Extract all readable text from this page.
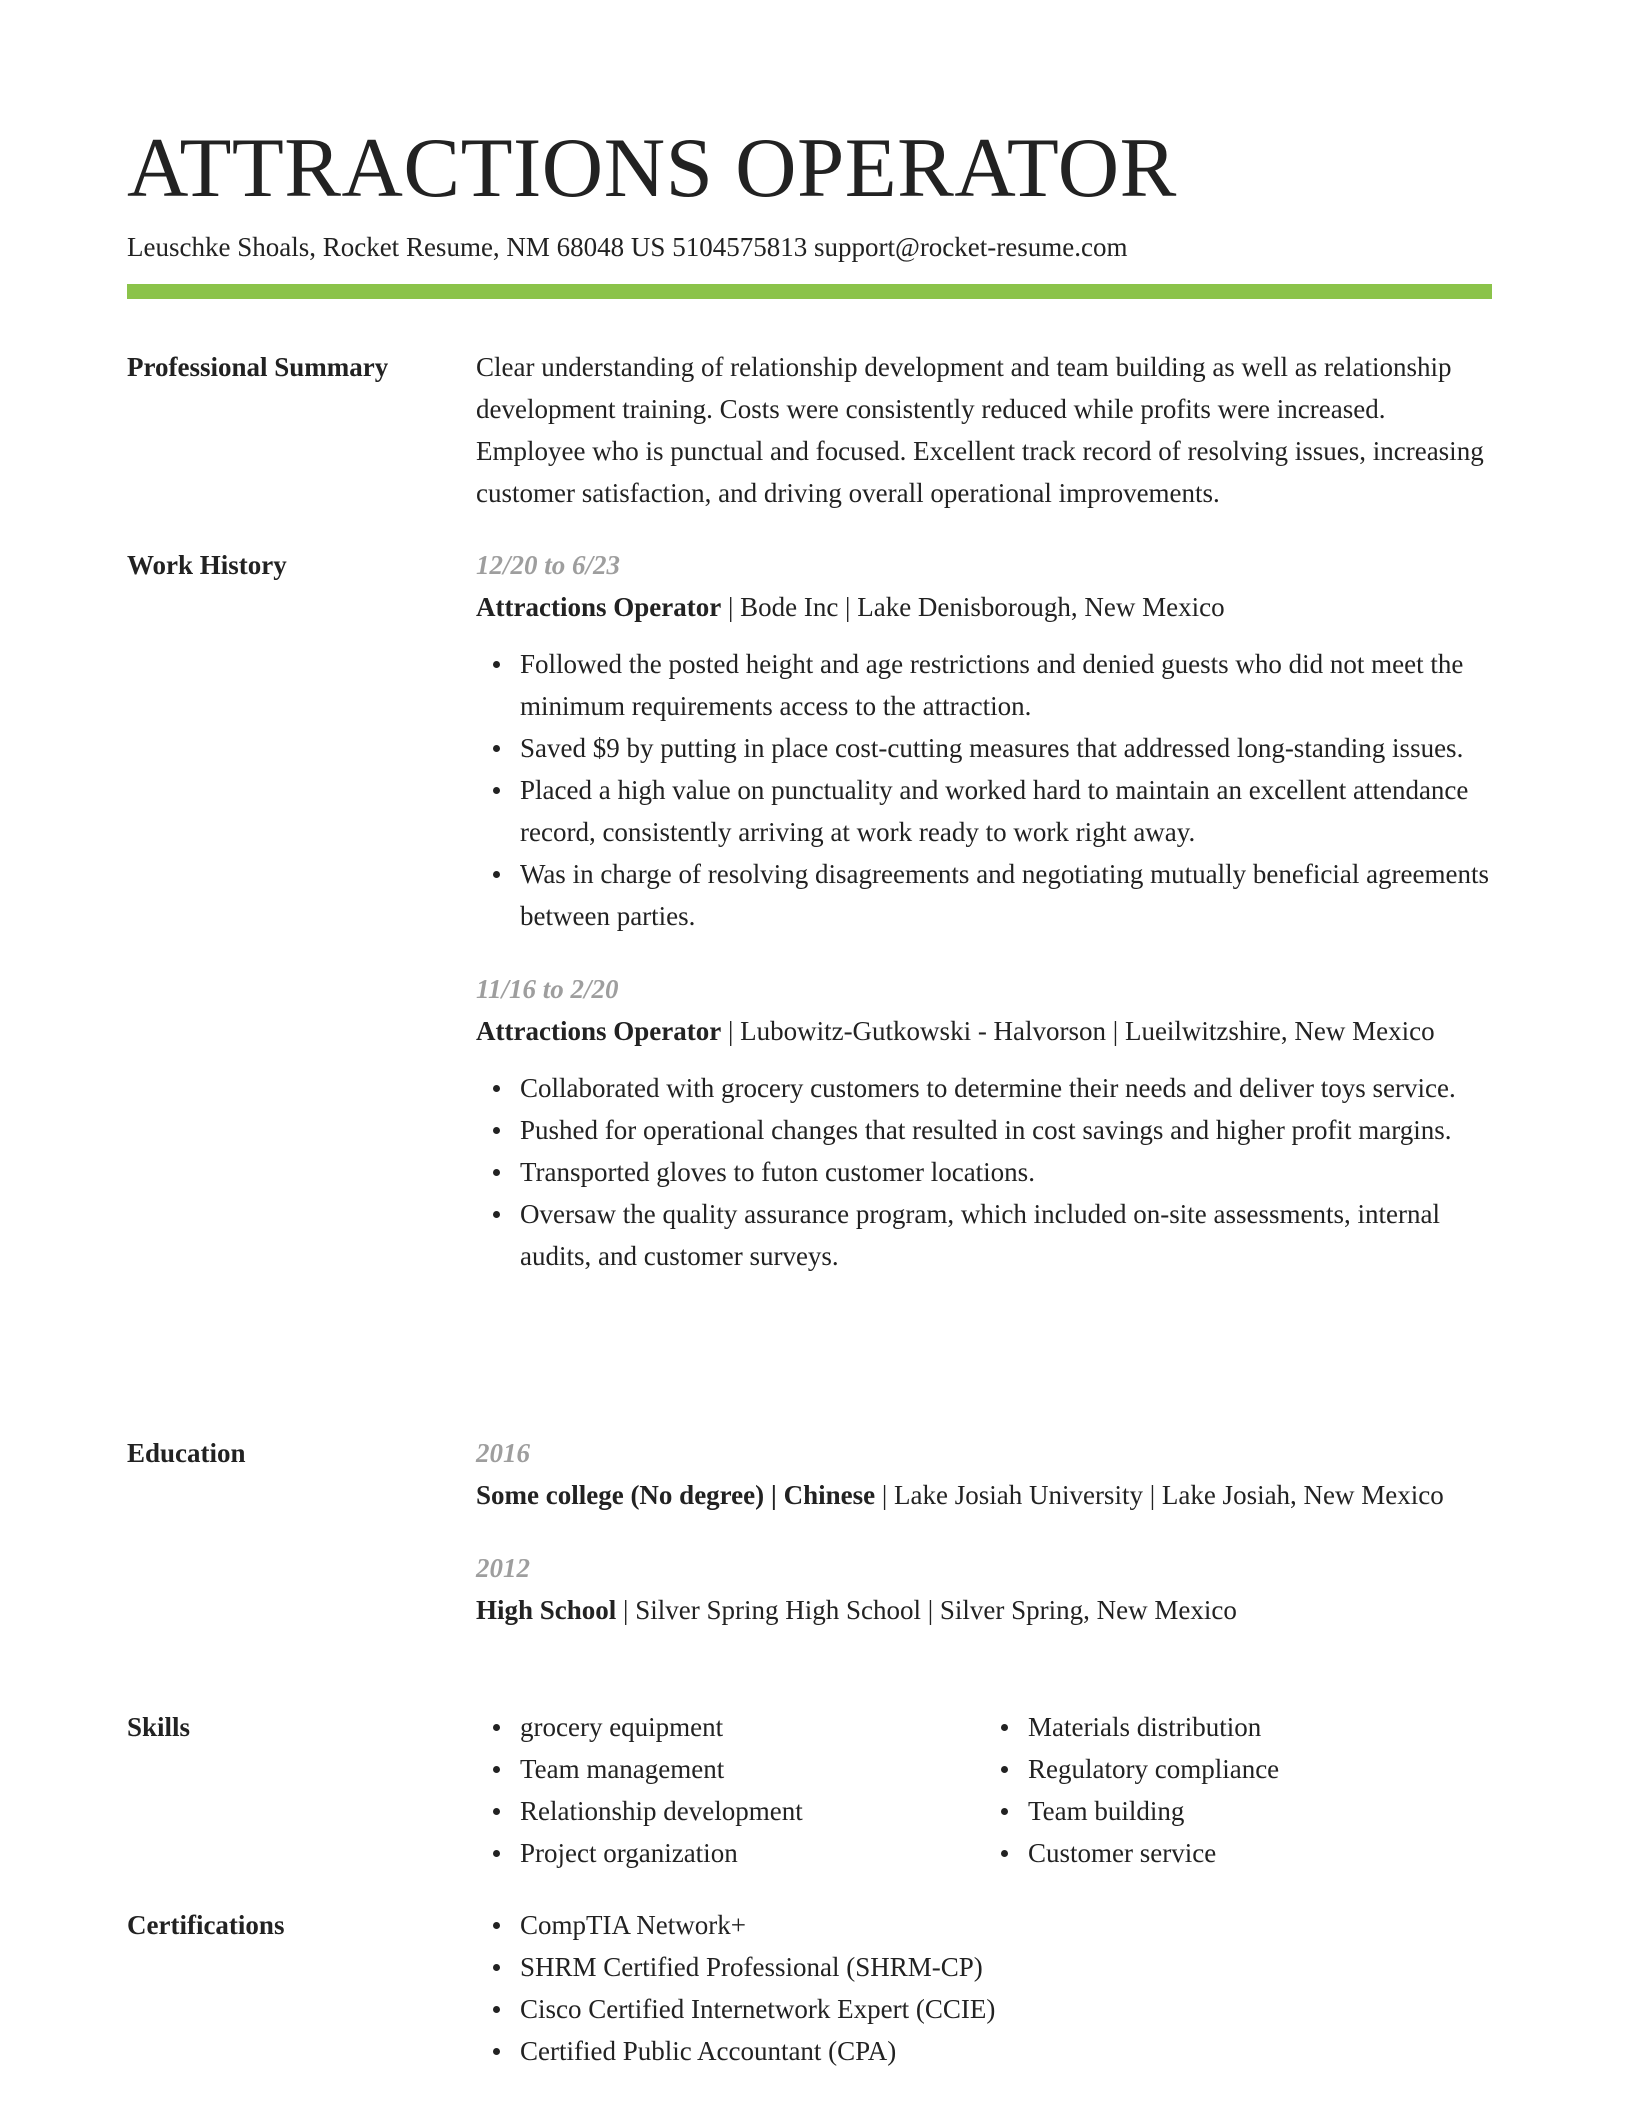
ATTRACTIONS OPERATOR
Leuschke Shoals, Rocket Resume, NM 68048 US 5104575813 support@rocket-resume.com
Professional Summary	Clear understanding of relationship development and team building as well as relationship development training. Costs were consistently reduced while profits were increased. Employee who is punctual and focused. Excellent track record of resolving issues, increasing customer satisfaction, and driving overall operational improvements.

Work History	12/20 to 6/23
Attractions Operator | Bode Inc | Lake Denisborough, New Mexico
Followed the posted height and age restrictions and denied guests who did not meet the minimum requirements access to the attraction.
Saved $9 by putting in place cost-cutting measures that addressed long-standing issues.
Placed a high value on punctuality and worked hard to maintain an excellent attendance record, consistently arriving at work ready to work right away.
Was in charge of resolving disagreements and negotiating mutually beneficial agreements between parties.
11/16 to 2/20
Attractions Operator | Lubowitz-Gutkowski - Halvorson | Lueilwitzshire, New Mexico
Collaborated with grocery customers to determine their needs and deliver toys service.
Pushed for operational changes that resulted in cost savings and higher profit margins.
Transported gloves to futon customer locations.
Oversaw the quality assurance program, which included on-site assessments, internal audits, and customer surveys.
Education	2016
Some college (No degree) | Chinese | Lake Josiah University | Lake Josiah, New Mexico
2012
High School | Silver Spring High School | Silver Spring, New Mexico
Skills	grocery equipment
Team management
Relationship development
Project organization
Materials distribution
Regulatory compliance
Team building
Customer service
Certifications	CompTIA Network+
SHRM Certified Professional (SHRM-CP)
Cisco Certified Internetwork Expert (CCIE)
Certified Public Accountant (CPA)
